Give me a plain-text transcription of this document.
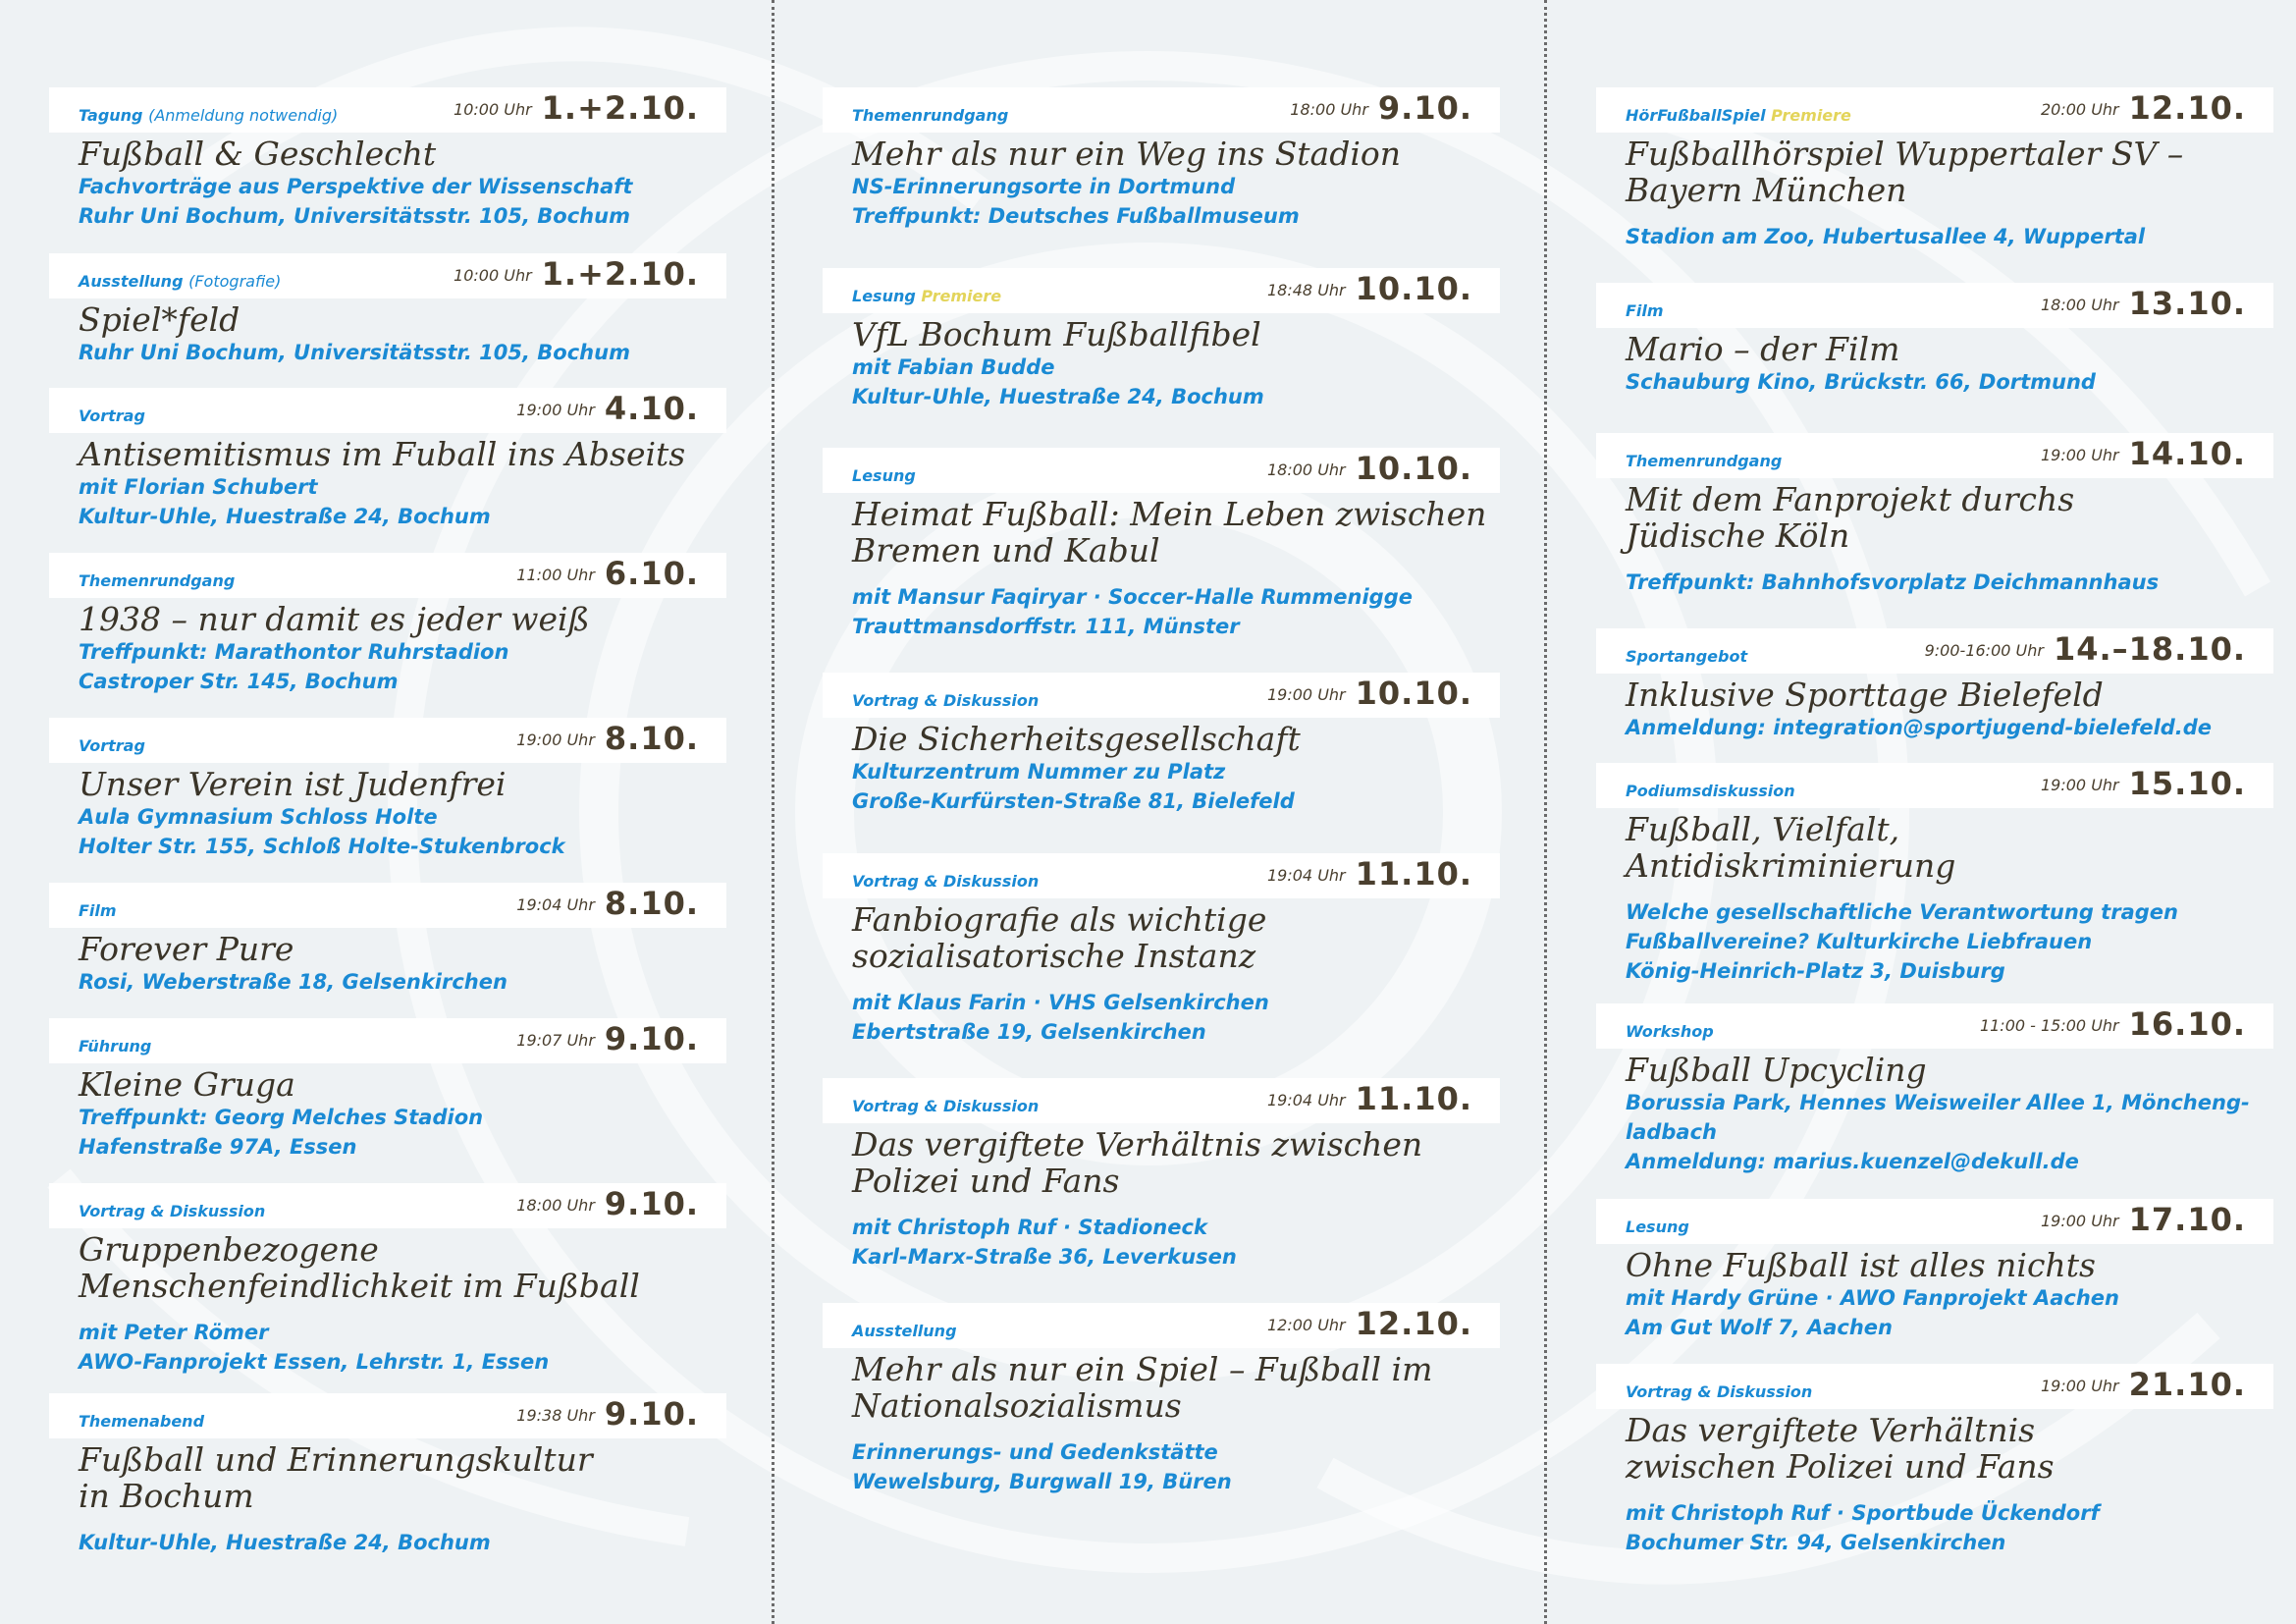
Tagung (Anmeldung notwendig)	10:00 Uhr 1.+2.10.
Fußball & Geschlecht
Fachvorträge aus Perspektive der Wissenschaft
Ruhr Uni Bochum, Universitätsstr. 105, Bochum
Ausstellung (Fotografie)	10:00 Uhr 1.+2.10.
Spiel*feld
Ruhr Uni Bochum, Universitätsstr. 105, Bochum
Vortrag	19:00 Uhr 4.10.
Antisemitismus im Fuball ins Abseits
mit Florian Schubert
Kultur-Uhle, Huestraße 24, Bochum
Themenrundgang	11:00 Uhr 6.10.
1938 – nur damit es jeder weiß
Treffpunkt: Marathontor Ruhrstadion
Castroper Str. 145, Bochum
Vortrag	19:00 Uhr 8.10.
Unser Verein ist Judenfrei
Aula Gymnasium Schloss Holte
Holter Str. 155, Schloß Holte-Stukenbrock
Film	19:04 Uhr 8.10.
Forever Pure
Rosi, Weberstraße 18, Gelsenkirchen
Führung	19:07 Uhr 9.10.
Kleine Gruga
Treffpunkt: Georg Melches Stadion
Hafenstraße 97A, Essen
Vortrag & Diskussion	18:00 Uhr 9.10.
Gruppenbezogene
Menschenfeindlichkeit im Fußball
mit Peter Römer
AWO-Fanprojekt Essen, Lehrstr. 1, Essen
Themenabend	19:38 Uhr 9.10.
Fußball und Erinnerungskultur
in Bochum
Kultur-Uhle, Huestraße 24, Bochum
Themenrundgang	18:00 Uhr 9.10.
Mehr als nur ein Weg ins Stadion
NS-Erinnerungsorte in Dortmund
Treffpunkt: Deutsches Fußballmuseum
Lesung Premiere	18:48 Uhr 10.10.
VfL Bochum Fußballfibel
mit Fabian Budde
Kultur-Uhle, Huestraße 24, Bochum
Lesung	18:00 Uhr 10.10.
Heimat Fußball: Mein Leben zwischen
Bremen und Kabul
mit Mansur Faqiryar · Soccer-Halle Rummenigge
Trauttmansdorffstr. 111, Münster
Vortrag & Diskussion	19:00 Uhr 10.10.
Die Sicherheitsgesellschaft
Kulturzentrum Nummer zu Platz
Große-Kurfürsten-Straße 81, Bielefeld
Vortrag & Diskussion	19:04 Uhr 11.10.
Fanbiografie als wichtige
sozialisatorische Instanz
mit Klaus Farin · VHS Gelsenkirchen
Ebertstraße 19, Gelsenkirchen
Vortrag & Diskussion	19:04 Uhr 11.10.
Das vergiftete Verhältnis zwischen
Polizei und Fans
mit Christoph Ruf · Stadioneck
Karl-Marx-Straße 36, Leverkusen
Ausstellung	12:00 Uhr 12.10.
Mehr als nur ein Spiel – Fußball im
Nationalsozialismus
Erinnerungs- und Gedenkstätte
Wewelsburg, Burgwall 19, Büren
HörFußballSpiel Premiere	20:00 Uhr 12.10.
Fußballhörspiel Wuppertaler SV –
Bayern München
Stadion am Zoo, Hubertusallee 4, Wuppertal
Film	18:00 Uhr 13.10.
Mario – der Film
Schauburg Kino, Brückstr. 66, Dortmund
Themenrundgang	19:00 Uhr 14.10.
Mit dem Fanprojekt durchs
Jüdische Köln
Treffpunkt: Bahnhofsvorplatz Deichmannhaus
Sportangebot	9:00-16:00 Uhr 14.–18.10.
Inklusive Sporttage Bielefeld
Anmeldung: integration@sportjugend-bielefeld.de
Podiumsdiskussion	19:00 Uhr 15.10.
Fußball, Vielfalt,
Antidiskriminierung
Welche gesellschaftliche Verantwortung tragen
Fußballvereine? Kulturkirche Liebfrauen
König-Heinrich-Platz 3, Duisburg
Workshop	11:00 - 15:00 Uhr 16.10.
Fußball Upcycling
Borussia Park, Hennes Weisweiler Allee 1, Möncheng-
ladbach
Anmeldung: marius.kuenzel@dekull.de
Lesung	19:00 Uhr 17.10.
Ohne Fußball ist alles nichts
mit Hardy Grüne · AWO Fanprojekt Aachen
Am Gut Wolf 7, Aachen
Vortrag & Diskussion	19:00 Uhr 21.10.
Das vergiftete Verhältnis
zwischen Polizei und Fans
mit Christoph Ruf · Sportbude Ückendorf
Bochumer Str. 94, Gelsenkirchen
